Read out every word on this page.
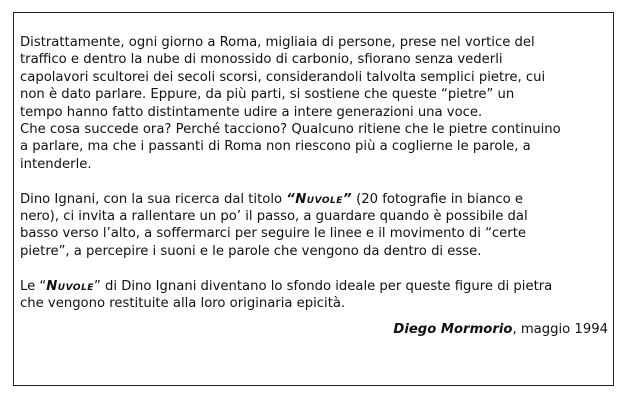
Distrattamente, ogni giorno a Roma, migliaia di persone, prese nel vortice del
traffico e dentro la nube di monossido di carbonio, sfiorano senza vederli
capolavori scultorei dei secoli scorsi, considerandoli talvolta semplici pietre, cui
non è dato parlare. Eppure, da più parti, si sostiene che queste “pietre” un
tempo hanno fatto distintamente udire a intere generazioni una voce.
Che cosa succede ora? Perché tacciono? Qualcuno ritiene che le pietre continuino
a parlare, ma che i passanti di Roma non riescono più a coglierne le parole, a
intenderle.
Dino Ignani, con la sua ricerca dal titolo “Nuvole” (20 fotografie in bianco e
nero), ci invita a rallentare un po’ il passo, a guardare quando è possibile dal
basso verso l’alto, a soffermarci per seguire le linee e il movimento di “certe
pietre”, a percepire i suoni e le parole che vengono da dentro di esse.
Le “Nuvole” di Dino Ignani diventano lo sfondo ideale per queste figure di pietra
che vengono restituite alla loro originaria epicità.
Diego Mormorio, maggio 1994
